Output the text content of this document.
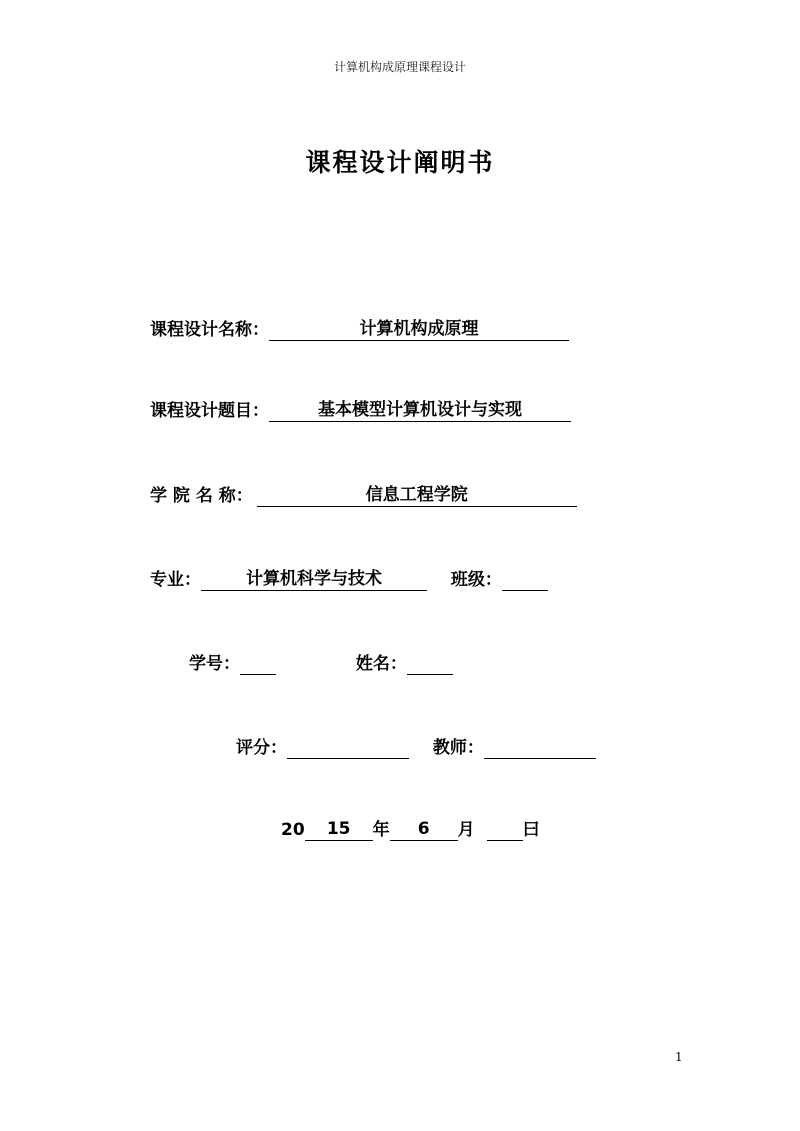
计算机构成原理课程设计
课程设计阐明书
课程设计名称：	计算机构成原理
课程设计题目：	基本模型计算机设计与实现
学 院 名 称：	信息工程学院
专业：	计算机科学与技术	班级：
学号：	姓名：
评分：	教师：
20 15 年 6 月	曰
1
